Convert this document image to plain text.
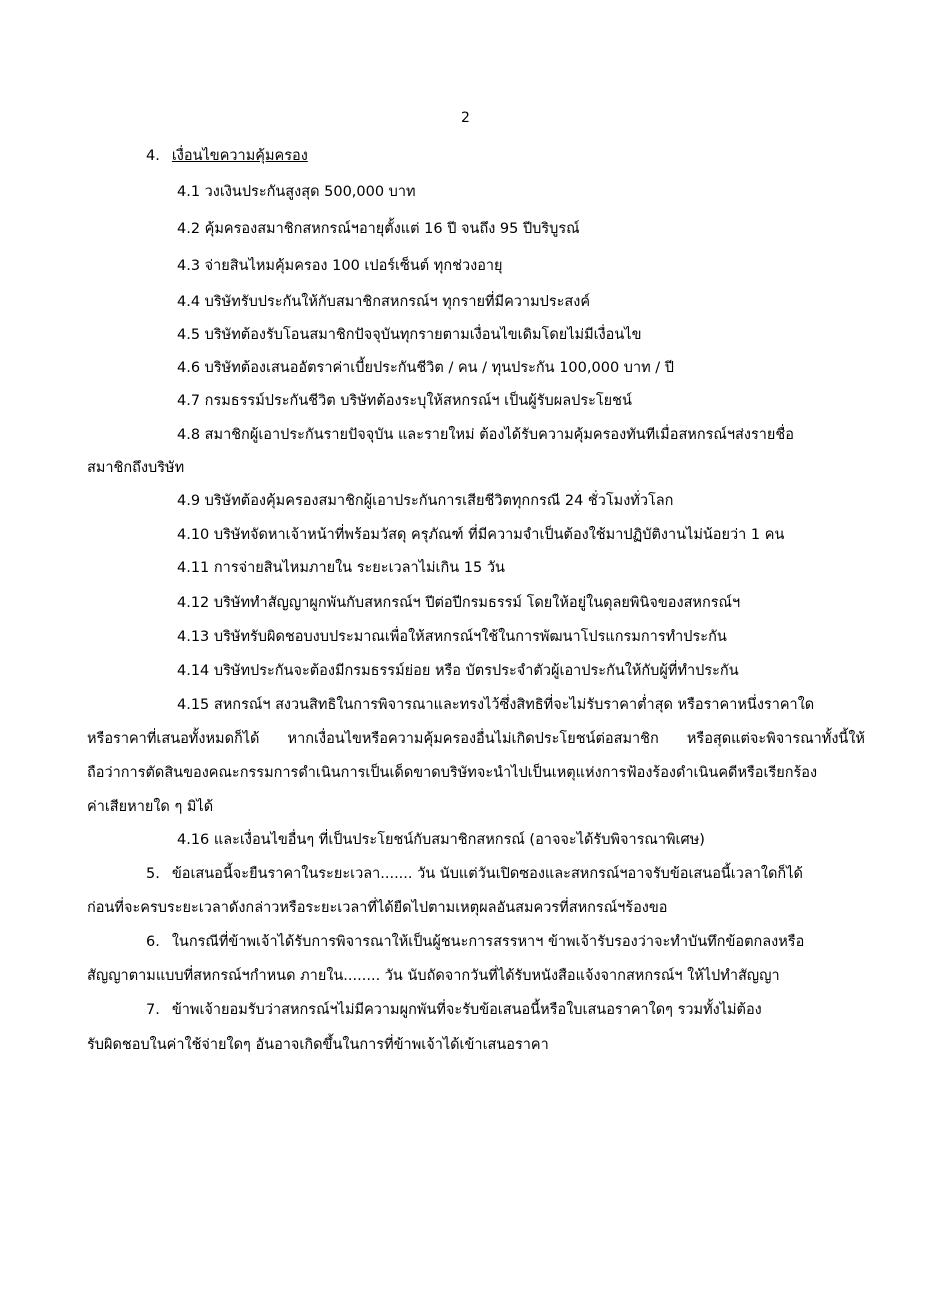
2
4. เงื่อนไขความคุ้มครอง
4.1 วงเงินประกันสูงสุด 500,000 บาท
4.2 คุ้มครองสมาชิกสหกรณ์ฯอายุตั้งแต่ 16 ปี จนถึง 95 ปีบริบูรณ์
4.3 จ่ายสินไหมคุ้มครอง 100 เปอร์เซ็นต์ ทุกช่วงอายุ
4.4 บริษัทรับประกันให้กับสมาชิกสหกรณ์ฯ ทุกรายที่มีความประสงค์
4.5 บริษัทต้องรับโอนสมาชิกปัจจุบันทุกรายตามเงื่อนไขเดิมโดยไม่มีเงื่อนไข
4.6 บริษัทต้องเสนออัตราค่าเบี้ยประกันชีวิต / คน / ทุนประกัน 100,000 บาท / ปี
4.7 กรมธรรม์ประกันชีวิต บริษัทต้องระบุให้สหกรณ์ฯ เป็นผู้รับผลประโยชน์
4.8 สมาชิกผู้เอาประกันรายปัจจุบัน และรายใหม่ ต้องได้รับความคุ้มครองทันทีเมื่อสหกรณ์ฯส่งรายชื่อ
สมาชิกถึงบริษัท
4.9 บริษัทต้องคุ้มครองสมาชิกผู้เอาประกันการเสียชีวิตทุกกรณี 24 ชั่วโมงทั่วโลก
4.10 บริษัทจัดหาเจ้าหน้าที่พร้อมวัสดุ ครุภัณฑ์ ที่มีความจำเป็นต้องใช้มาปฏิบัติงานไม่น้อยว่า 1 คน
4.11 การจ่ายสินไหมภายใน ระยะเวลาไม่เกิน 15 วัน
4.12 บริษัททำสัญญาผูกพันกับสหกรณ์ฯ ปีต่อปีกรมธรรม์ โดยให้อยู่ในดุลยพินิจของสหกรณ์ฯ
4.13 บริษัทรับผิดชอบงบประมาณเพื่อให้สหกรณ์ฯใช้ในการพัฒนาโปรแกรมการทำประกัน
4.14 บริษัทประกันจะต้องมีกรมธรรม์ย่อย หรือ บัตรประจำตัวผู้เอาประกันให้กับผู้ที่ทำประกัน
4.15 สหกรณ์ฯ สงวนสิทธิในการพิจารณาและทรงไว้ซึ่งสิทธิที่จะไม่รับราคาต่ำสุด หรือราคาหนึ่งราคาใด
หรือราคาที่เสนอทั้งหมดก็ได้ หากเงื่อนไขหรือความคุ้มครองอื่นไม่เกิดประโยชน์ต่อสมาชิก หรือสุดแต่จะพิจารณาทั้งนี้ให้
ถือว่าการตัดสินของคณะกรรมการดำเนินการเป็นเด็ดขาดบริษัทจะนำไปเป็นเหตุแห่งการฟ้องร้องดำเนินคดีหรือเรียกร้อง
ค่าเสียหายใด ๆ มิได้
4.16 และเงื่อนไขอื่นๆ ที่เป็นประโยชน์กับสมาชิกสหกรณ์ (อาจจะได้รับพิจารณาพิเศษ)
5. ข้อเสนอนี้จะยืนราคาในระยะเวลา....... วัน นับแต่วันเปิดซองและสหกรณ์ฯอาจรับข้อเสนอนี้เวลาใดก็ได้
ก่อนที่จะครบระยะเวลาดังกล่าวหรือระยะเวลาที่ได้ยืดไปตามเหตุผลอันสมควรที่สหกรณ์ฯร้องขอ
6. ในกรณีที่ข้าพเจ้าได้รับการพิจารณาให้เป็นผู้ชนะการสรรหาฯ ข้าพเจ้ารับรองว่าจะทำบันทึกข้อตกลงหรือ
สัญญาตามแบบที่สหกรณ์ฯกำหนด ภายใน........ วัน นับถัดจากวันที่ได้รับหนังสือแจ้งจากสหกรณ์ฯ ให้ไปทำสัญญา
7. ข้าพเจ้ายอมรับว่าสหกรณ์ฯไม่มีความผูกพันที่จะรับข้อเสนอนี้หรือใบเสนอราคาใดๆ รวมทั้งไม่ต้อง
รับผิดชอบในค่าใช้จ่ายใดๆ อันอาจเกิดขึ้นในการที่ข้าพเจ้าได้เข้าเสนอราคา
